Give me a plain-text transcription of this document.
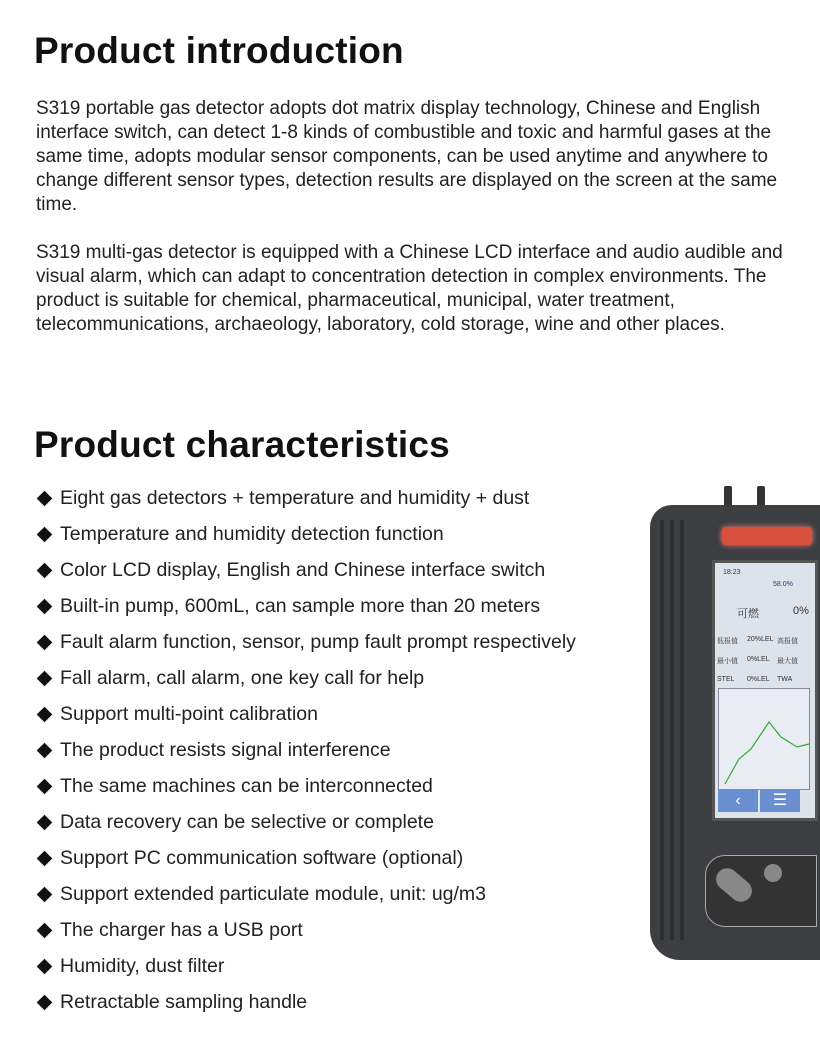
Product introduction

S319 portable gas detector adopts dot matrix display technology, Chinese and English interface switch, can detect 1-8 kinds of combustible and toxic and harmful gases at the same time, adopts modular sensor components, can be used anytime and anywhere to change different sensor types, detection results are displayed on the screen at the same time.

S319 multi-gas detector is equipped with a Chinese LCD interface and audio audible and visual alarm, which can adapt to concentration detection in complex environments. The product is suitable for chemical, pharmaceutical, municipal, water treatment, telecommunications, archaeology, laboratory, cold storage, wine and other places.

Product characteristics
Eight gas detectors + temperature and humidity + dust
Temperature and humidity detection function
Color LCD display, English and Chinese interface switch
Built-in pump, 600mL, can sample more than 20 meters
Fault alarm function, sensor, pump fault prompt respectively
Fall alarm, call alarm, one key call for help
Support multi-point calibration
The product resists signal interference
The same machines can be interconnected
Data recovery can be selective or complete
Support PC communication software (optional)
Support extended particulate module, unit: ug/m3
The charger has a USB port
Humidity, dust filter
Retractable sampling handle
18:23
58.0%
可燃	0%
低报值 20%LEL 高报值
最小值 0%LEL 最大值
STEL 0%LEL TWA
‹	☰
